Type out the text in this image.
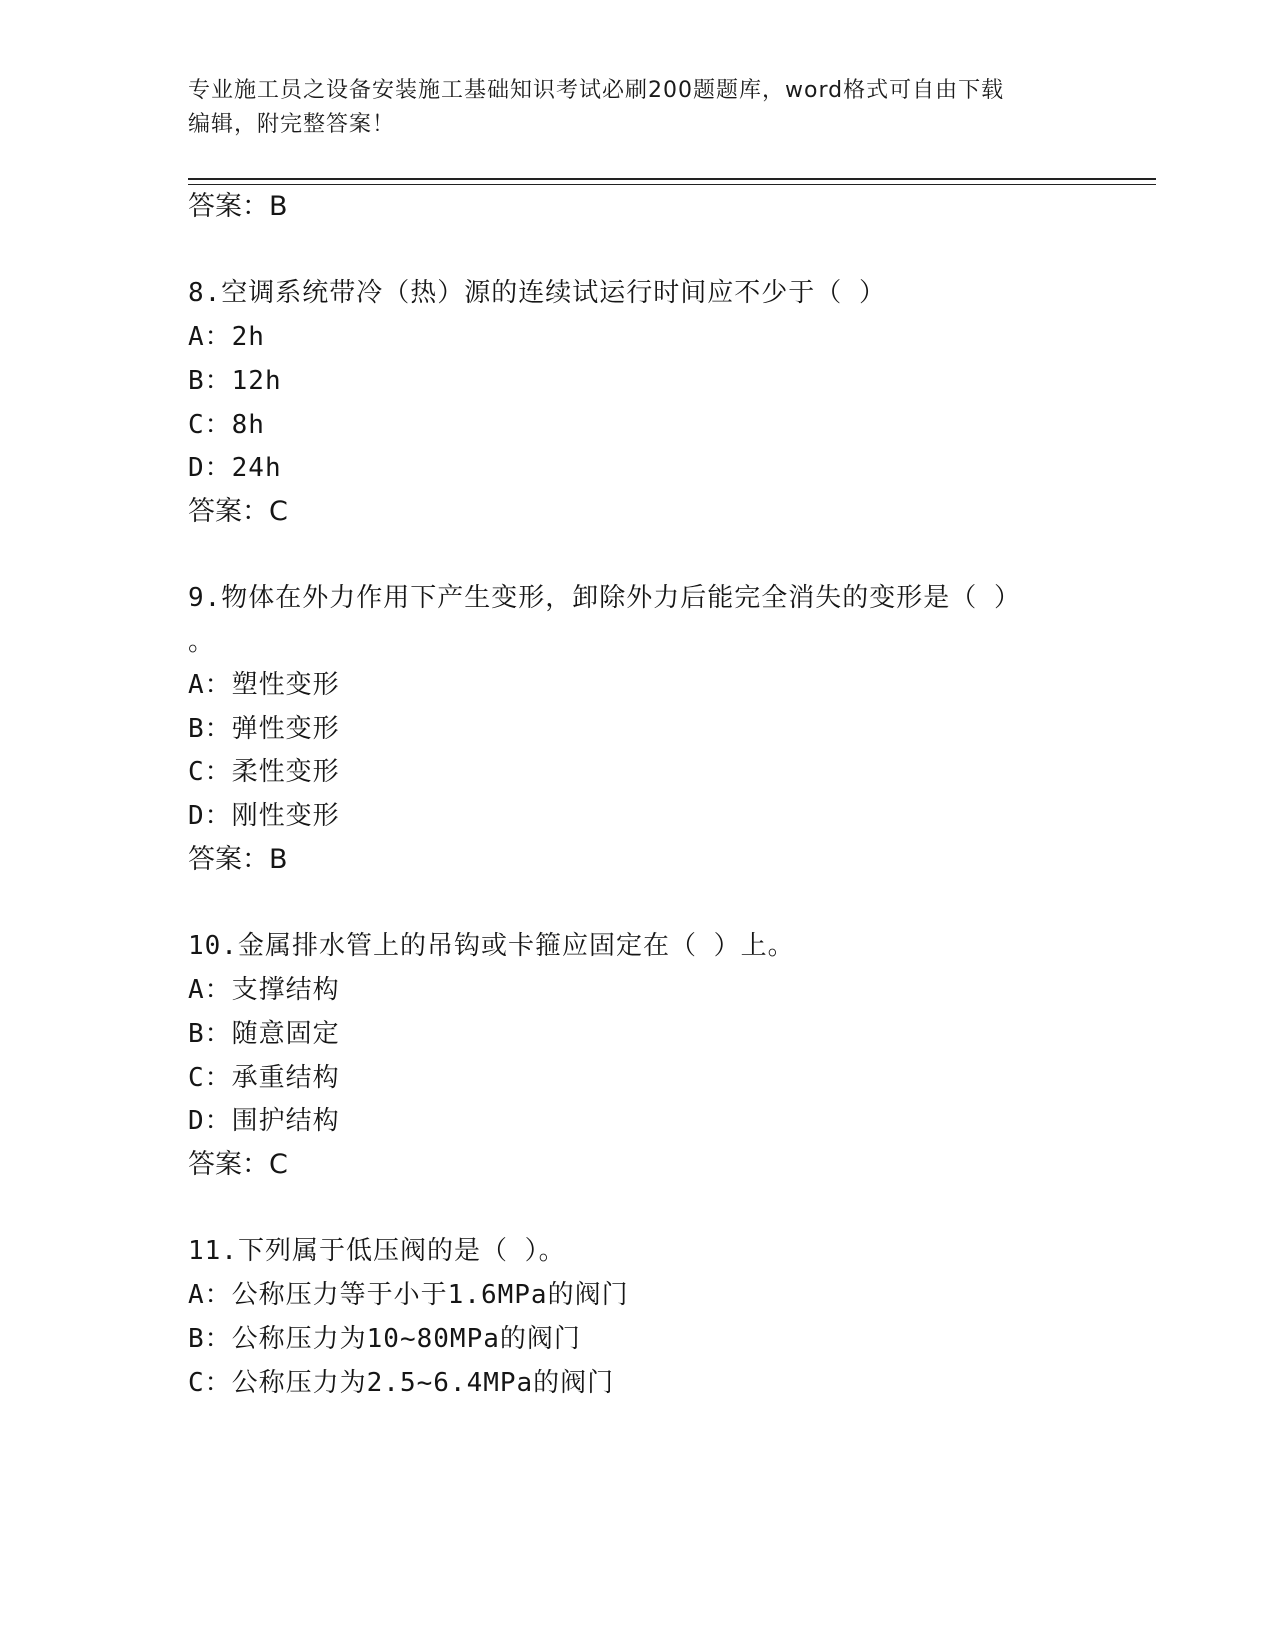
专业施工员之设备安装施工基础知识考试必刷200题题库，word格式可自由下载
编辑，附完整答案！
答案：B
8.空调系统带冷（热）源的连续试运行时间应不少于（ ）
A：2h
B：12h
C：8h
D：24h
答案：C
9.物体在外力作用下产生变形，卸除外力后能完全消失的变形是（ ）
。
A：塑性变形
B：弹性变形
C：柔性变形
D：刚性变形
答案：B
10.金属排水管上的吊钩或卡箍应固定在（ ）上。
A：支撑结构
B：随意固定
C：承重结构
D：围护结构
答案：C
11.下列属于低压阀的是（ ）。
A：公称压力等于小于1.6MPa的阀门
B：公称压力为10~80MPa的阀门
C：公称压力为2.5~6.4MPa的阀门
